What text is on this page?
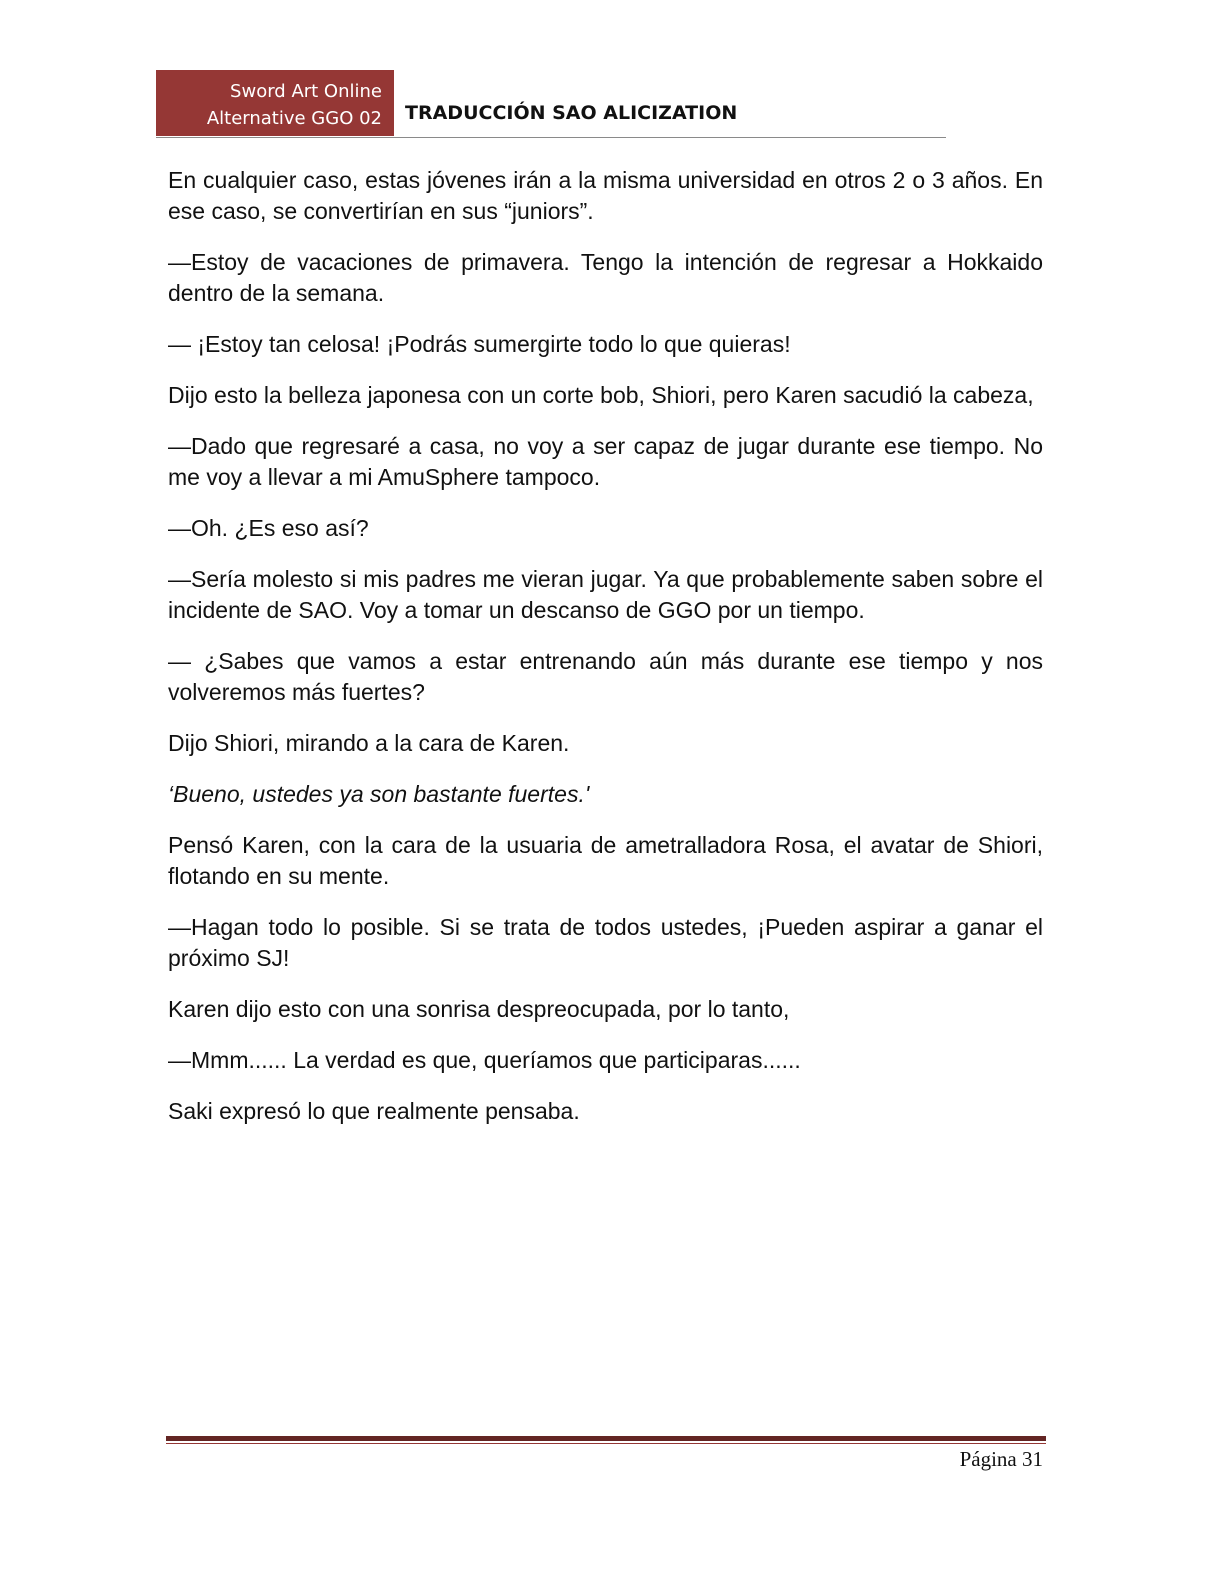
Sword Art Online
Alternative GGO 02 TRADUCCIÓN SAO ALICIZATION

En cualquier caso, estas jóvenes irán a la misma universidad en otros 2 o 3 años. En ese caso, se convertirían en sus “juniors”.

—Estoy de vacaciones de primavera. Tengo la intención de regresar a Hokkaido dentro de la semana.

— ¡Estoy tan celosa! ¡Podrás sumergirte todo lo que quieras!

Dijo esto la belleza japonesa con un corte bob, Shiori, pero Karen sacudió la cabeza,

—Dado que regresaré a casa, no voy a ser capaz de jugar durante ese tiempo. No me voy a llevar a mi AmuSphere tampoco.

—Oh. ¿Es eso así?

—Sería molesto si mis padres me vieran jugar. Ya que probablemente saben sobre el incidente de SAO. Voy a tomar un descanso de GGO por un tiempo.

— ¿Sabes que vamos a estar entrenando aún más durante ese tiempo y nos volveremos más fuertes?

Dijo Shiori, mirando a la cara de Karen.

‘Bueno, ustedes ya son bastante fuertes.'

Pensó Karen, con la cara de la usuaria de ametralladora Rosa, el avatar de Shiori, flotando en su mente.

—Hagan todo lo posible. Si se trata de todos ustedes, ¡Pueden aspirar a ganar el próximo SJ!

Karen dijo esto con una sonrisa despreocupada, por lo tanto,

—Mmm...... La verdad es que, queríamos que participaras......

Saki expresó lo que realmente pensaba.

Página 31
